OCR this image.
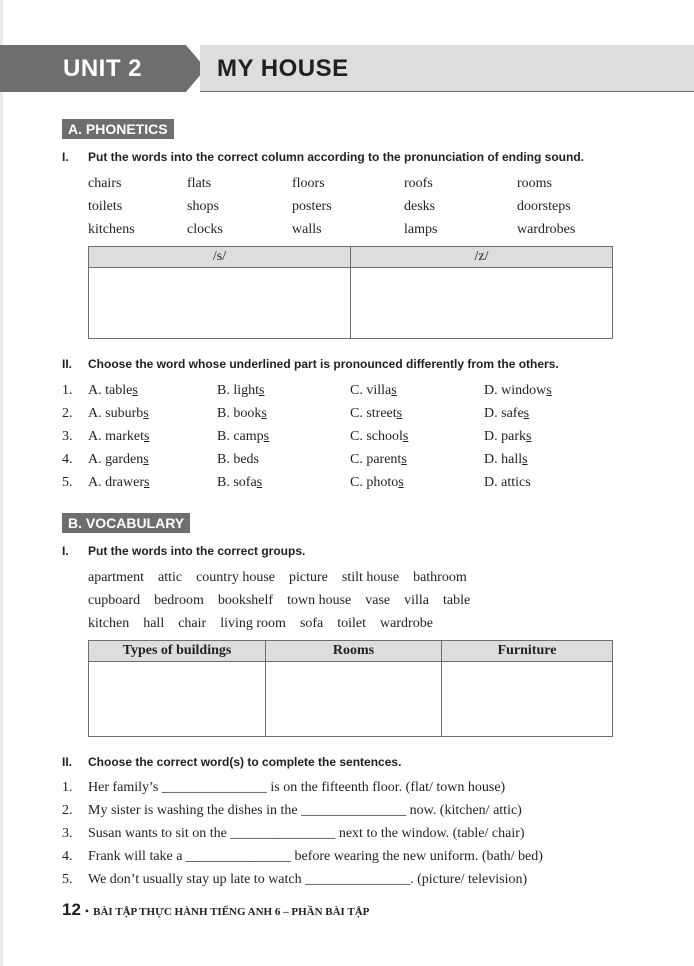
UNIT 2	MY HOUSE
A. PHONETICS
I. Put the words into the correct column according to the pronunciation of ending sound.
chairs	flats	floors	roofs	rooms
toilets	shops	posters	desks	doorsteps
kitchens	clocks	walls	lamps	wardrobes
/s/	/z/

II. Choose the word whose underlined part is pronounced differently from the others.
1. A. tables	B. lights	C. villas	D. windows
2. A. suburbs	B. books	C. streets	D. safes
3. A. markets	B. camps	C. schools	D. parks
4. A. gardens	B. beds	C. parents	D. halls
5. A. drawers	B. sofas	C. photos	D. attics
B. VOCABULARY
I. Put the words into the correct groups.
apartment attic country house picture stilt house bathroom
cupboard bedroom bookshelf town house vase villa table
kitchen hall chair living room sofa toilet wardrobe
Types of buildings	Rooms	Furniture

II. Choose the correct word(s) to complete the sentences.
1. Her family’s _______________ is on the fifteenth floor. (flat/ town house)
2. My sister is washing the dishes in the _______________ now. (kitchen/ attic)
3. Susan wants to sit on the _______________ next to the window. (table/ chair)
4. Frank will take a _______________ before wearing the new uniform. (bath/ bed)
5. We don’t usually stay up late to watch _______________. (picture/ television)
12 • BÀI TẬP THỰC HÀNH TIẾNG ANH 6 – PHẦN BÀI TẬP
